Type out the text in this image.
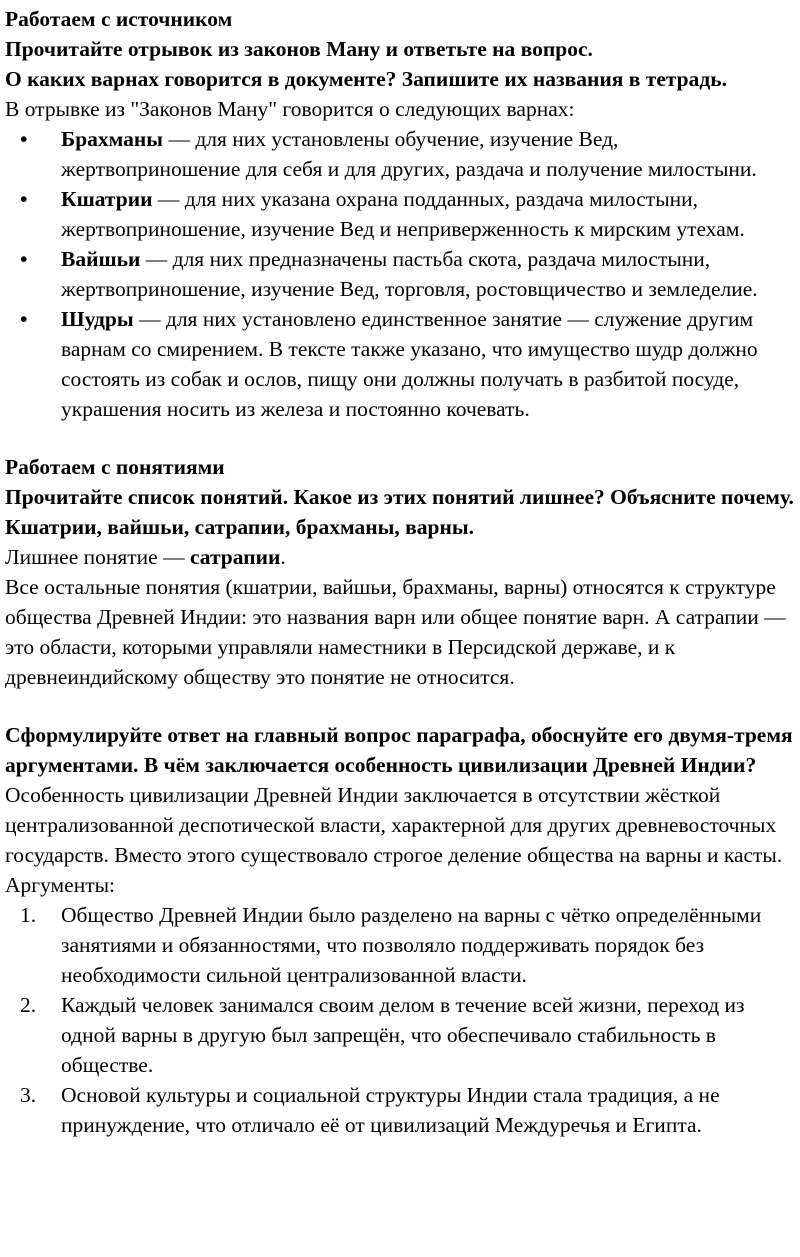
Работаем с источником

Прочитайте отрывок из законов Ману и ответьте на вопрос.

О каких варнах говорится в документе? Запишите их названия в тетрадь.

В отрывке из "Законов Ману" говорится о следующих варнах:

• Брахманы — для них установлены обучение, изучение Вед, жертвоприношение для себя и для других, раздача и получение милостыни.
• Кшатрии — для них указана охрана подданных, раздача милостыни, жертвоприношение, изучение Вед и неприверженность к мирским утехам.
• Вайшьи — для них предназначены пастьба скота, раздача милостыни, жертвоприношение, изучение Вед, торговля, ростовщичество и земледелие.
• Шудры — для них установлено единственное занятие — служение другим варнам со смирением. В тексте также указано, что имущество шудр должно состоять из собак и ослов, пищу они должны получать в разбитой посуде, украшения носить из железа и постоянно кочевать.

Работаем с понятиями

Прочитайте список понятий. Какое из этих понятий лишнее? Объясните почему. Кшатрии, вайшьи, сатрапии, брахманы, варны.

Лишнее понятие — сатрапии.

Все остальные понятия (кшатрии, вайшьи, брахманы, варны) относятся к структуре общества Древней Индии: это названия варн или общее понятие варн. А сатрапии — это области, которыми управляли наместники в Персидской державе, и к древнеиндийскому обществу это понятие не относится.

Сформулируйте ответ на главный вопрос параграфа, обоснуйте его двумя-тремя аргументами. В чём заключается особенность цивилизации Древней Индии?

Особенность цивилизации Древней Индии заключается в отсутствии жёсткой централизованной деспотической власти, характерной для других древневосточных государств. Вместо этого существовало строгое деление общества на варны и касты.

Аргументы:

1. Общество Древней Индии было разделено на варны с чётко определёнными занятиями и обязанностями, что позволяло поддерживать порядок без необходимости сильной централизованной власти.
2. Каждый человек занимался своим делом в течение всей жизни, переход из одной варны в другую был запрещён, что обеспечивало стабильность в обществе.
3. Основой культуры и социальной структуры Индии стала традиция, а не принуждение, что отличало её от цивилизаций Междуречья и Египта.
